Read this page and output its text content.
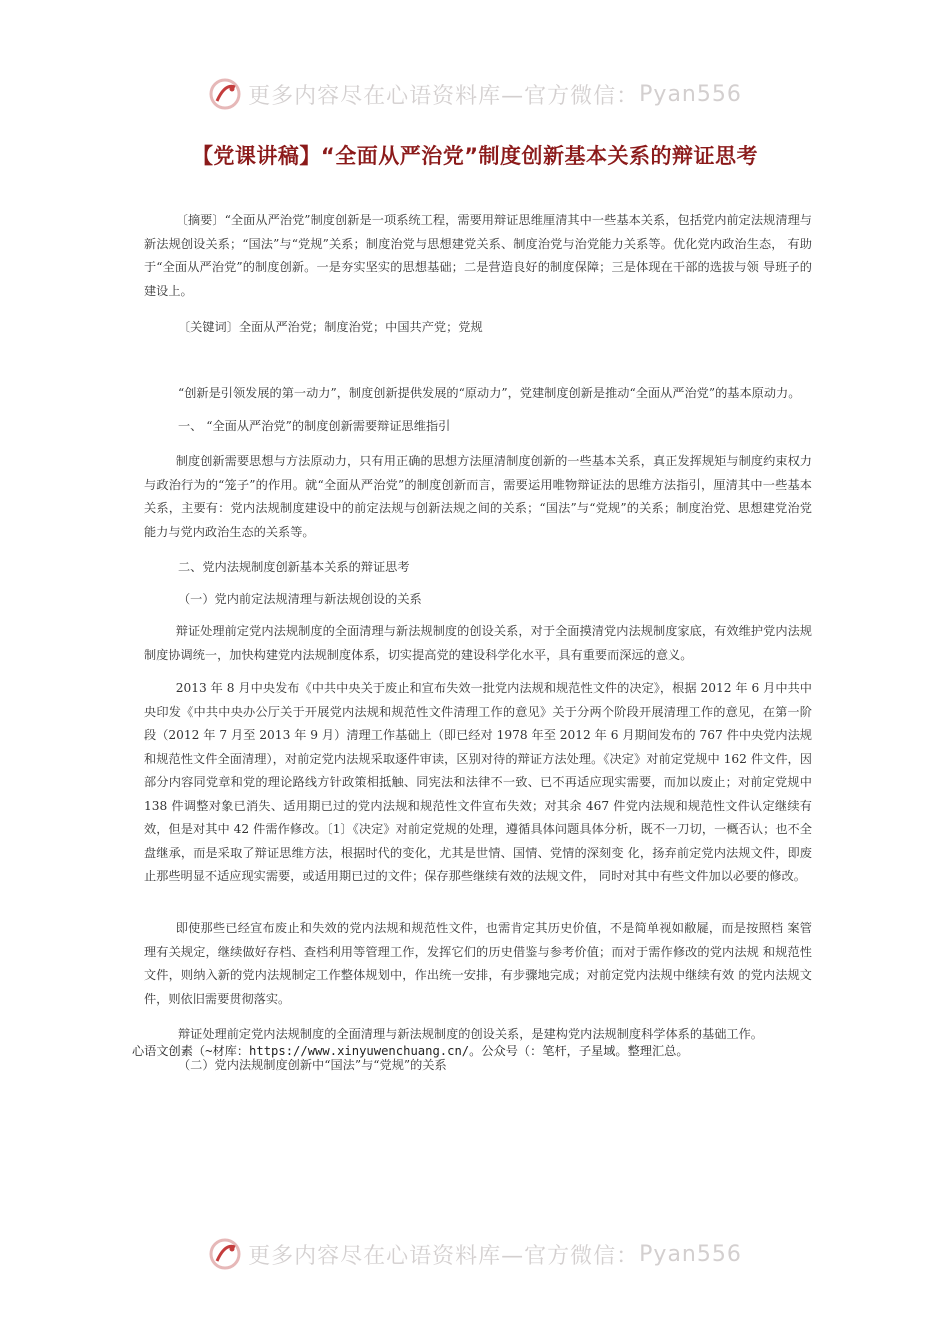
更多内容尽在心语资料库—官方微信： Pyan556
【党课讲稿】“全面从严治党”制度创新基本关系的辩证思考

〔摘要〕“全面从严治党”制度创新是一项系统工程，需要用辩证思维厘清其中一些基本关系，包括党内前定法规清理与新法规创设关系；“国法”与“党规”关系；制度治党与思想建党关系、制度治党与治党能力关系等。优化党内政治生态， 有助于“全面从严治党”的制度创新。一是夯实坚实的思想基础；二是营造良好的制度保障；三是体现在干部的选拔与领 导班子的建设上。

〔关键词〕全面从严治党；制度治党；中国共产党；党规
“创新是引领发展的第一动力”，制度创新提供发展的“原动力”，党建制度创新是推动“全面从严治党”的基本原动力。
一、 “全面从严治党”的制度创新需要辩证思维指引

制度创新需要思想与方法原动力，只有用正确的思想方法厘清制度创新的一些基本关系，真正发挥规矩与制度约束权力与政治行为的“笼子”的作用。就“全面从严治党”的制度创新而言，需要运用唯物辩证法的思维方法指引，厘清其中一些基本关系，主要有：党内法规制度建设中的前定法规与创新法规之间的关系；“国法”与“党规”的关系；制度治党、思想建党治党能力与党内政治生态的关系等。

二、党内法规制度创新基本关系的辩证思考
（一）党内前定法规清理与新法规创设的关系

辩证处理前定党内法规制度的全面清理与新法规制度的创设关系，对于全面摸清党内法规制度家底，有效维护党内法规制度协调统一，加快构建党内法规制度体系，切实提高党的建设科学化水平，具有重要而深远的意义。

2013 年 8 月中央发布《中共中央关于废止和宣布失效一批党内法规和规范性文件的决定》，根据 2012 年 6 月中共中央印发《中共中央办公厅关于开展党内法规和规范性文件清理工作的意见》关于分两个阶段开展清理工作的意见，在第一阶段（2012 年 7 月至 2013 年 9 月）清理工作基础上（即已经对 1978 年至 2012 年 6 月期间发布的 767 件中央党内法规和规范性文件全面清理），对前定党内法规采取逐件审读，区别对待的辩证方法处理。《决定》对前定党规中 162 件文件，因部分内容同党章和党的理论路线方针政策相抵触、同宪法和法律不一致、已不再适应现实需要，而加以废止；对前定党规中 138 件调整对象已消失、适用期已过的党内法规和规范性文件宣布失效；对其余 467 件党内法规和规范性文件认定继续有效，但是对其中 42 件需作修改。〔1〕《决定》对前定党规的处理，遵循具体问题具体分析，既不一刀切，一概否认；也不全盘继承，而是采取了辩证思维方法，根据时代的变化，尤其是世情、国情、党情的深刻变 化，扬弃前定党内法规文件，即废止那些明显不适应现实需要，或适用期已过的文件；保存那些继续有效的法规文件， 同时对其中有些文件加以必要的修改。

即使那些已经宣布废止和失效的党内法规和规范性文件，也需肯定其历史价值，不是简单视如敝屣，而是按照档 案管理有关规定，继续做好存档、查档利用等管理工作，发挥它们的历史借鉴与参考价值；而对于需作修改的党内法规 和规范性文件，则纳入新的党内法规制定工作整体规划中，作出统一安排，有步骤地完成；对前定党内法规中继续有效 的党内法规文件，则依旧需要贯彻落实。

辩证处理前定党内法规制度的全面清理与新法规制度的创设关系，是建构党内法规制度科学体系的基础工作。
心语文创素（~材库：https://www.xinyuwenchuang.cn/。公众号（：笔杆，子星域。整理汇总。
（二）党内法规制度创新中“国法”与“党规”的关系
更多内容尽在心语资料库—官方微信： Pyan556
